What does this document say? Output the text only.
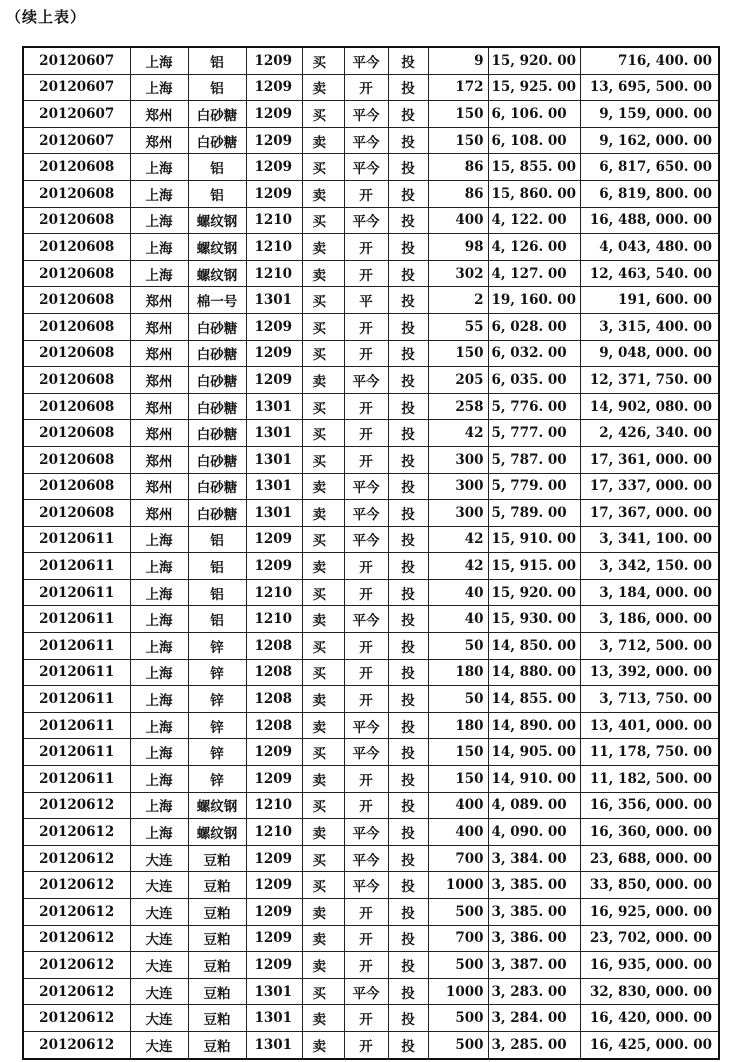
（续上表）
20120607	上海	铝	1209	买	平今	投	9	15, 920. 00	716, 400. 00
20120607	上海	铝	1209	卖	开	投	172	15, 925. 00	13, 695, 500. 00
20120607	郑州	白砂糖	1209	买	平今	投	150	6, 106. 00	9, 159, 000. 00
20120607	郑州	白砂糖	1209	卖	平今	投	150	6, 108. 00	9, 162, 000. 00
20120608	上海	铝	1209	买	平今	投	86	15, 855. 00	6, 817, 650. 00
20120608	上海	铝	1209	卖	开	投	86	15, 860. 00	6, 819, 800. 00
20120608	上海	螺纹钢	1210	买	平今	投	400	4, 122. 00	16, 488, 000. 00
20120608	上海	螺纹钢	1210	卖	开	投	98	4, 126. 00	4, 043, 480. 00
20120608	上海	螺纹钢	1210	卖	开	投	302	4, 127. 00	12, 463, 540. 00
20120608	郑州	棉一号	1301	买	平	投	2	19, 160. 00	191, 600. 00
20120608	郑州	白砂糖	1209	买	开	投	55	6, 028. 00	3, 315, 400. 00
20120608	郑州	白砂糖	1209	买	开	投	150	6, 032. 00	9, 048, 000. 00
20120608	郑州	白砂糖	1209	卖	平今	投	205	6, 035. 00	12, 371, 750. 00
20120608	郑州	白砂糖	1301	买	开	投	258	5, 776. 00	14, 902, 080. 00
20120608	郑州	白砂糖	1301	买	开	投	42	5, 777. 00	2, 426, 340. 00
20120608	郑州	白砂糖	1301	买	开	投	300	5, 787. 00	17, 361, 000. 00
20120608	郑州	白砂糖	1301	卖	平今	投	300	5, 779. 00	17, 337, 000. 00
20120608	郑州	白砂糖	1301	卖	平今	投	300	5, 789. 00	17, 367, 000. 00
20120611	上海	铝	1209	买	平今	投	42	15, 910. 00	3, 341, 100. 00
20120611	上海	铝	1209	卖	开	投	42	15, 915. 00	3, 342, 150. 00
20120611	上海	铝	1210	买	开	投	40	15, 920. 00	3, 184, 000. 00
20120611	上海	铝	1210	卖	平今	投	40	15, 930. 00	3, 186, 000. 00
20120611	上海	锌	1208	买	开	投	50	14, 850. 00	3, 712, 500. 00
20120611	上海	锌	1208	买	开	投	180	14, 880. 00	13, 392, 000. 00
20120611	上海	锌	1208	卖	开	投	50	14, 855. 00	3, 713, 750. 00
20120611	上海	锌	1208	卖	平今	投	180	14, 890. 00	13, 401, 000. 00
20120611	上海	锌	1209	买	平今	投	150	14, 905. 00	11, 178, 750. 00
20120611	上海	锌	1209	卖	开	投	150	14, 910. 00	11, 182, 500. 00
20120612	上海	螺纹钢	1210	买	开	投	400	4, 089. 00	16, 356, 000. 00
20120612	上海	螺纹钢	1210	卖	平今	投	400	4, 090. 00	16, 360, 000. 00
20120612	大连	豆粕	1209	买	平今	投	700	3, 384. 00	23, 688, 000. 00
20120612	大连	豆粕	1209	买	平今	投	1000	3, 385. 00	33, 850, 000. 00
20120612	大连	豆粕	1209	卖	开	投	500	3, 385. 00	16, 925, 000. 00
20120612	大连	豆粕	1209	卖	开	投	700	3, 386. 00	23, 702, 000. 00
20120612	大连	豆粕	1209	卖	开	投	500	3, 387. 00	16, 935, 000. 00
20120612	大连	豆粕	1301	买	平今	投	1000	3, 283. 00	32, 830, 000. 00
20120612	大连	豆粕	1301	卖	开	投	500	3, 284. 00	16, 420, 000. 00
20120612	大连	豆粕	1301	卖	开	投	500	3, 285. 00	16, 425, 000. 00
